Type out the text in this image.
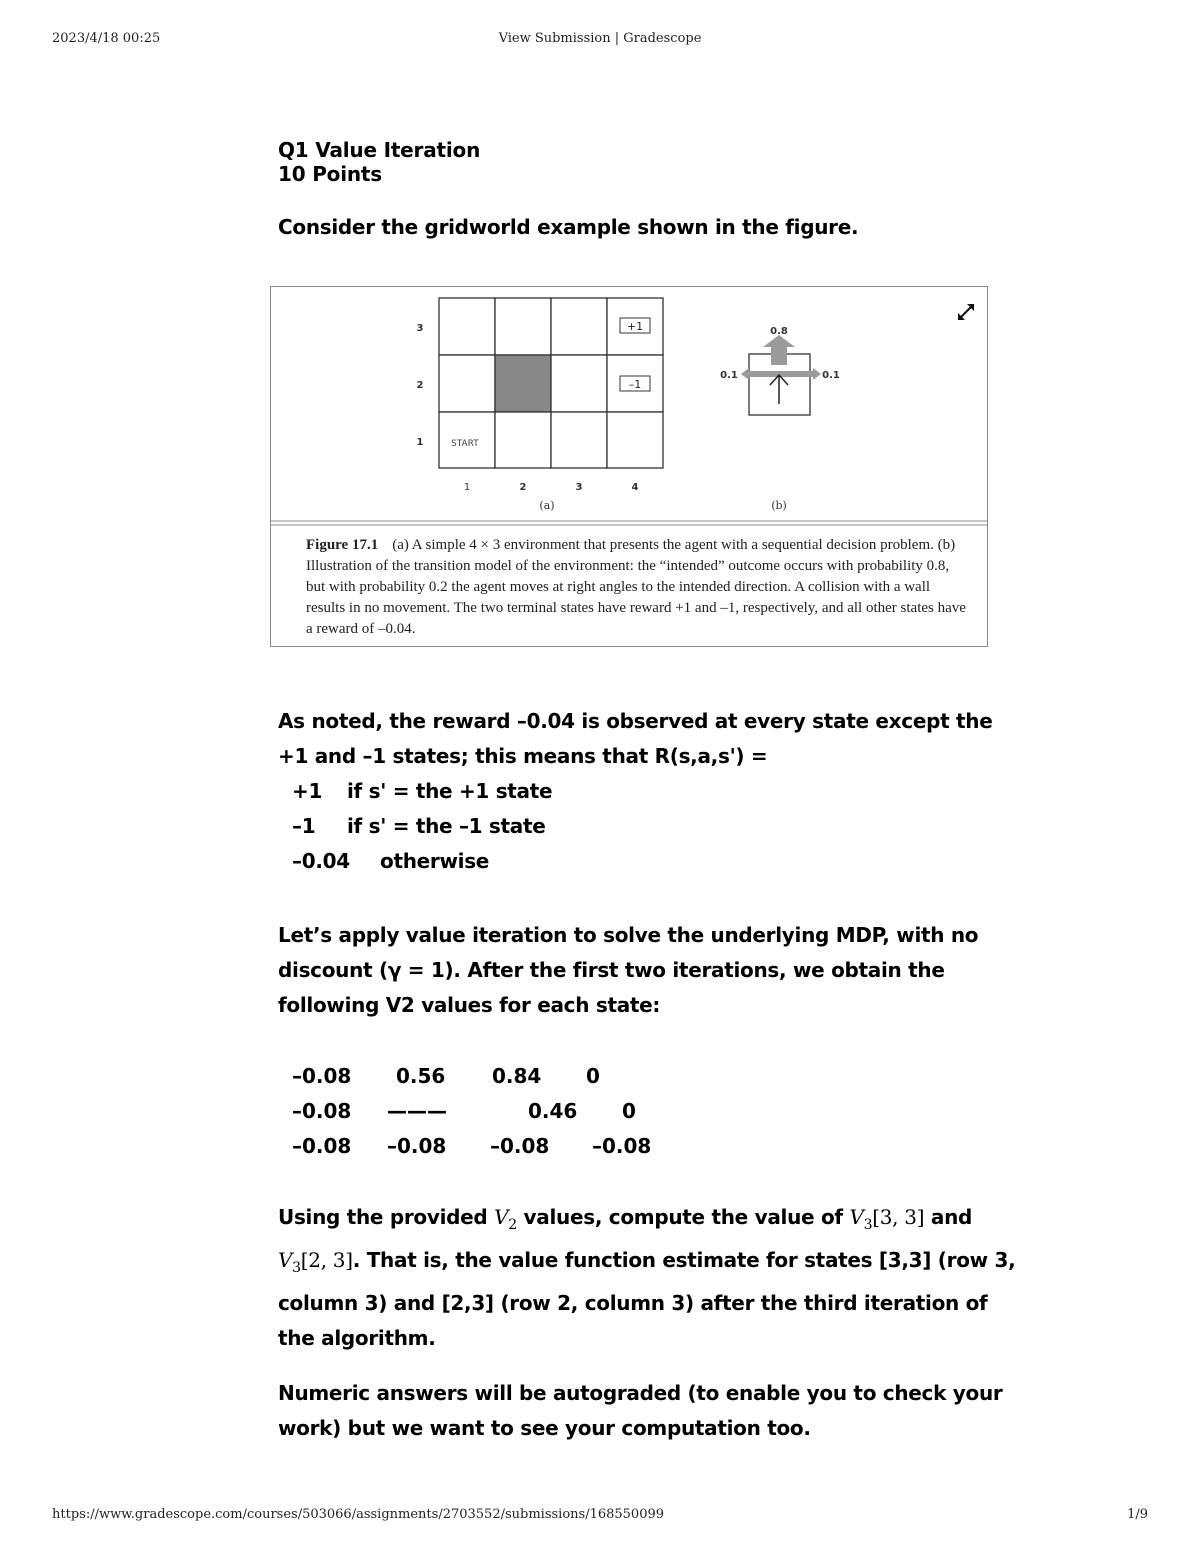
2023/4/18 00:25	View Submission | Gradescope
Q1 Value Iteration
10 Points
Consider the gridworld example shown in the figure.
+1
–1
START
3
2
1
1	2	3	4
(a)
0.8
0.1	0.1
(b)
Figure 17.1 (a) A simple 4 × 3 environment that presents the agent with a sequential decision problem. (b) Illustration of the transition model of the environment: the “intended” outcome occurs with probability 0.8, but with probability 0.2 the agent moves at right angles to the intended direction. A collision with a wall results in no movement. The two terminal states have reward +1 and –1, respectively, and all other states have a reward of –0.04.
As noted, the reward –0.04 is observed at every state except the +1 and –1 states; this means that R(s,a,s') =
+1 if s' = the +1 state
–1 if s' = the –1 state
–0.04 otherwise
Let’s apply value iteration to solve the underlying MDP, with no discount (γ = 1). After the first two iterations, we obtain the following V2 values for each state:
–0.08 0.56 0.84 0
–0.08 ———	0.46 0
–0.08 –0.08 –0.08 –0.08
Using the provided $V_2$ values, compute the value of $V_3[3$, 3] and $V_3[2$, 3]. That is, the value function estimate for states [3,3] (row 3, column 3) and [2,3] (row 2, column 3) after the third iteration of the algorithm.
Numeric answers will be autograded (to enable you to check your work) but we want to see your computation too.
https://www.gradescope.com/courses/503066/assignments/2703552/submissions/168550099	1/9
